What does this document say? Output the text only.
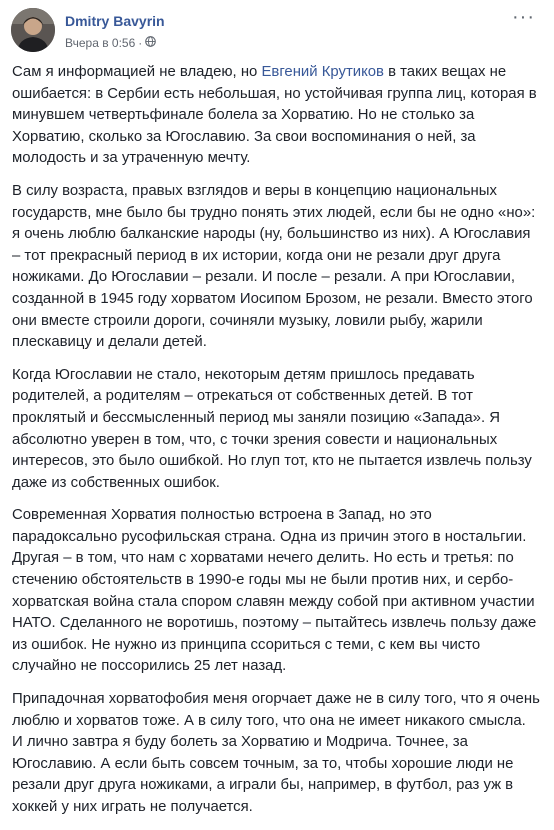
Dmitry Bavyrin
Вчера в 0:56 ·
···

Сам я информацией не владею, но Евгений Крутиков в таких вещах не ошибается: в Сербии есть небольшая, но устойчивая группа лиц, которая в минувшем четвертьфинале болела за Хорватию. Но не столько за Хорватию, сколько за Югославию. За свои воспоминания о ней, за молодость и за утраченную мечту.

В силу возраста, правых взглядов и веры в концепцию национальных государств, мне было бы трудно понять этих людей, если бы не одно «но»: я очень люблю балканские народы (ну, большинство из них). А Югославия – тот прекрасный период в их истории, когда они не резали друг друга ножиками. До Югославии – резали. И после – резали. А при Югославии, созданной в 1945 году хорватом Иосипом Брозом, не резали. Вместо этого они вместе строили дороги, сочиняли музыку, ловили рыбу, жарили плескавицу и делали детей.

Когда Югославии не стало, некоторым детям пришлось предавать родителей, а родителям – отрекаться от собственных детей. В тот проклятый и бессмысленный период мы заняли позицию «Запада». Я абсолютно уверен в том, что, с точки зрения совести и национальных интересов, это было ошибкой. Но глуп тот, кто не пытается извлечь пользу даже из собственных ошибок.

Современная Хорватия полностью встроена в Запад, но это парадоксально русофильская страна. Одна из причин этого в ностальгии. Другая – в том, что нам с хорватами нечего делить. Но есть и третья: по стечению обстоятельств в 1990-е годы мы не были против них, и сербо-хорватская война стала спором славян между собой при активном участии НАТО. Сделанного не воротишь, поэтому – пытайтесь извлечь пользу даже из ошибок. Не нужно из принципа ссориться с теми, с кем вы чисто случайно не поссорились 25 лет назад.

Припадочная хорватофобия меня огорчает даже не в силу того, что я очень люблю и хорватов тоже. А в силу того, что она не имеет никакого смысла. И лично завтра я буду болеть за Хорватию и Модрича. Точнее, за Югославию. А если быть совсем точным, за то, чтобы хорошие люди не резали друг друга ножиками, а играли бы, например, в футбол, раз уж в хоккей у них играть не получается.
